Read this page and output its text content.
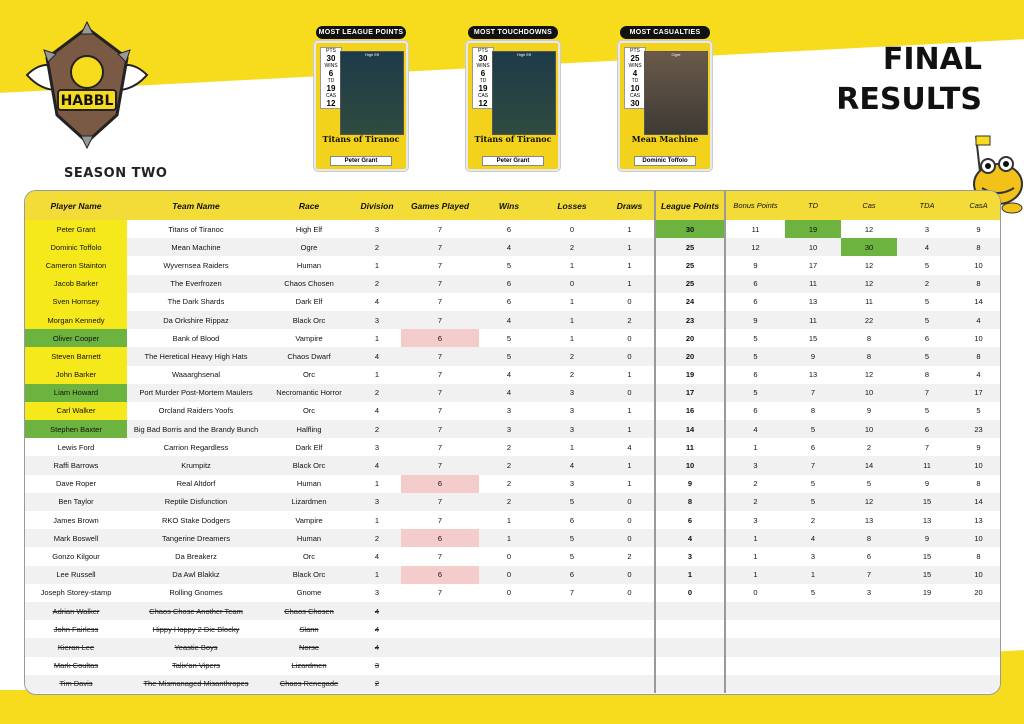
HABBL
SEASON TWO
MOST LEAGUE POINTS
PTS
30
WINS
6
TD
19
CAS
12
High Elf
Titans of Tiranoc
Peter Grant
MOST TOUCHDOWNS
PTS
30
WINS
6
TD
19
CAS
12
High Elf
Titans of Tiranoc
Peter Grant
MOST CASUALTIES
PTS
25
WINS
4
TD
10
CAS
30
Ogre
Mean Machine
Dominic Toffolo
FINAL
RESULTS
Player Name	Team Name	Race	Division	Games Played	Wins	Losses	Draws	League Points	Bonus Points	TD	Cas	TDA	CasA
Peter Grant	Titans of Tiranoc	High Elf	3	7	6	0	1	30	11	19	12	3	9
Dominic Toffolo	Mean Machine	Ogre	2	7	4	2	1	25	12	10	30	4	8
Cameron Stainton	Wyvernsea Raiders	Human	1	7	5	1	1	25	9	17	12	5	10
Jacob Barker	The Everfrozen	Chaos Chosen	2	7	6	0	1	25	6	11	12	2	8
Sven Hornsey	The Dark Shards	Dark Elf	4	7	6	1	0	24	6	13	11	5	14
Morgan Kennedy	Da Orkshire Rippaz	Black Orc	3	7	4	1	2	23	9	11	22	5	4
Oliver Cooper	Bank of Blood	Vampire	1	6	5	1	0	20	5	15	8	6	10
Steven Barnett	The Heretical Heavy High Hats	Chaos Dwarf	4	7	5	2	0	20	5	9	8	5	8
John Barker	Waaarghsenal	Orc	1	7	4	2	1	19	6	13	12	8	4
Liam Howard	Port Murder Post-Mortem Maulers	Necromantic Horror	2	7	4	3	0	17	5	7	10	7	17
Carl Walker	Orcland Raiders Yoofs	Orc	4	7	3	3	1	16	6	8	9	5	5
Stephen Baxter	Big Bad Borris and the Brandy Bunch	Halfling	2	7	3	3	1	14	4	5	10	6	23
Lewis Ford	Carrion Regardless	Dark Elf	3	7	2	1	4	11	1	6	2	7	9
Raffi Barrows	Krumpitz	Black Orc	4	7	2	4	1	10	3	7	14	11	10
Dave Roper	Real Altdorf	Human	1	6	2	3	1	9	2	5	5	9	8
Ben Taylor	Reptile Disfunction	Lizardmen	3	7	2	5	0	8	2	5	12	15	14
James Brown	RKO Stake Dodgers	Vampire	1	7	1	6	0	6	3	2	13	13	13
Mark Boswell	Tangerine Dreamers	Human	2	6	1	5	0	4	1	4	8	9	10
Gonzo Kilgour	Da Breakerz	Orc	4	7	0	5	2	3	1	3	6	15	8
Lee Russell	Da Awl Blakkz	Black Orc	1	6	0	6	0	1	1	1	7	15	10
Joseph Storey-stamp	Rolling Gnomes	Gnome	3	7	0	7	0	0	0	5	3	19	20
Adrian Walker	Chaos Chose Another Team	Chaos Chosen	4										
John Fairless	Hippy Hoppy 2 Die Blocky	Slann	4										
Kieran Lee	Yeastie Boys	Norse	4										
Mark Coultas	Talix'an Vipers	Lizardmen	3										
Tim Davis	The Mismanaged Misanthropes	Chaos Renegade	2										
